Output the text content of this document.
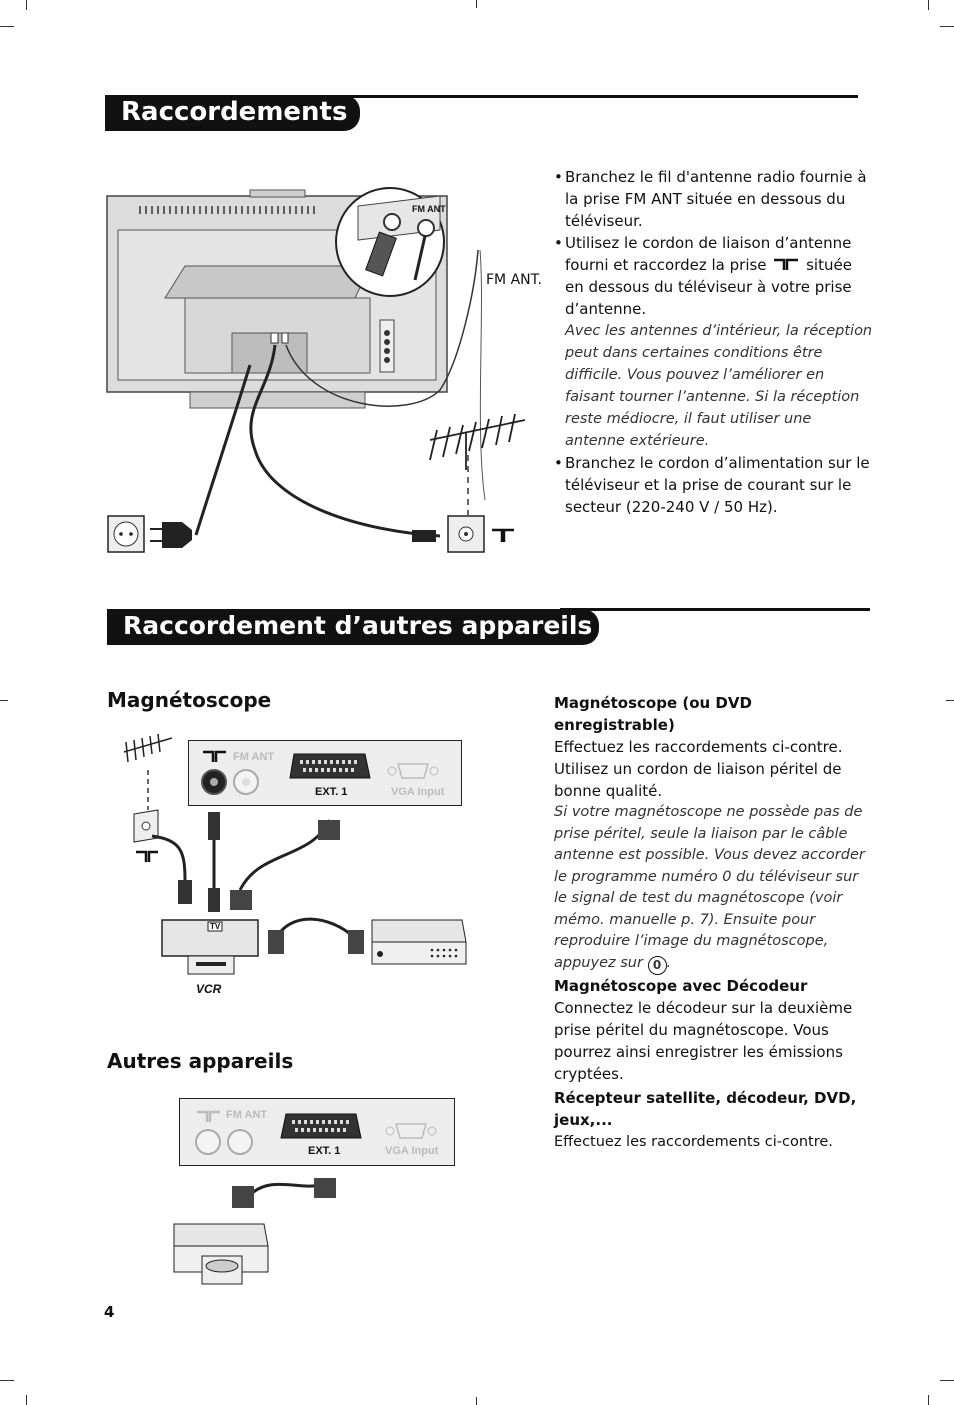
Raccordements
FM ANT
FM ANT.
• Branchez le fil d'antenne radio fournie à la prise FM ANT située en dessous du téléviseur.
• Utilisez le cordon de liaison d’antenne fourni et raccordez la prise	située en dessous du téléviseur à votre prise d’antenne.

Avec les antennes d’intérieur, la réception peut dans certaines conditions être difficile. Vous pouvez l’améliorer en faisant tourner l’antenne. Si la réception reste médiocre, il faut utiliser une antenne extérieure.

• Branchez le cordon d’alimentation sur le téléviseur et la prise de courant sur le secteur (220-240 V / 50 Hz).
Raccordement d’autres appareils
Magnétoscope
FM ANT
EXT. 1	VGA Input
TV
VCR
Autres appareils
FM ANT
EXT. 1	VGA Input

Magnétoscope (ou DVD enregistrable)

Effectuez les raccordements ci-contre. Utilisez un cordon de liaison péritel de bonne qualité.

Si votre magnétoscope ne possède pas de prise péritel, seule la liaison par le câble antenne est possible. Vous devez accorder le programme numéro 0 du téléviseur sur le signal de test du magnétoscope (voir mémo. manuelle p. 7). Ensuite pour reproduire l’image du magnétoscope, appuyez sur 0 .

Magnétoscope avec Décodeur

Connectez le décodeur sur la deuxième prise péritel du magnétoscope. Vous pourrez ainsi enregistrer les émissions cryptées.

Récepteur satellite, décodeur, DVD, jeux,...

Effectuez les raccordements ci-contre.

4
